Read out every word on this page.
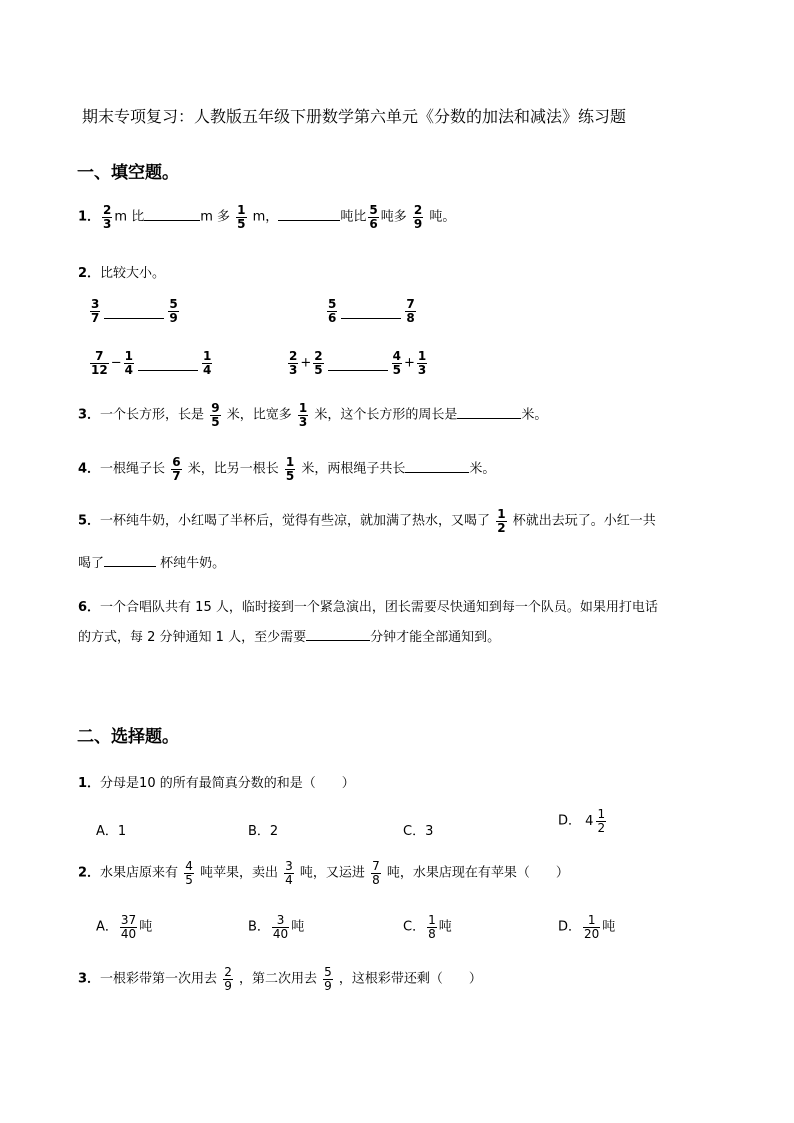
期末专项复习：人教版五年级下册数学第六单元《分数的加法和减法》练习题
一、填空题。
1． $\frac{2}{3}$ m 比	m 多 $\frac{1}{5}$ m，	吨比 $\frac{5}{6}$ 吨多 $\frac{2}{9}$ 吨。
2．比较大小。
$\frac{3}{7}$	$\frac{5}{9}$	$\frac{5}{6}$	$\frac{7}{8}$
$\frac{7}{12} - \frac{1}{4}$	$\frac{1}{4}$	$\frac{2}{3} + \frac{2}{5}$	$\frac{4}{5} + \frac{1}{3}$
3．一个长方形，长是 $\frac{9}{5}$ 米，比宽多 $\frac{1}{3}$ 米，这个长方形的周长是	米。
4．一根绳子长 $\frac{6}{7}$ 米，比另一根长 $\frac{1}{5}$ 米，两根绳子共长	米。
5．一杯纯牛奶，小红喝了半杯后，觉得有些凉，就加满了热水，又喝了 $\frac{1}{2}$ 杯就出去玩了。小红一共
喝了	杯纯牛奶。
6．一个合唱队共有 15 人，临时接到一个紧急演出，团长需要尽快通知到每一个队员。如果用打电话
的方式，每 2 分钟通知 1 人，至少需要	分钟才能全部通知到。
二、选择题。
1．分母是10 的所有最简真分数的和是（　　）
A．1	B．2	C．3
D． $4 \frac{1}{2}$
2．水果店原来有 $\frac{4}{5}$ 吨苹果，卖出 $\frac{3}{4}$ 吨，又运进 $\frac{7}{8}$ 吨，水果店现在有苹果（　　）
A． $\frac{37}{40}$ 吨	B． $\frac{3}{40}$ 吨	C． $\frac{1}{8}$ 吨	D． $\frac{1}{20}$ 吨
3．一根彩带第一次用去 $\frac{2}{9}$ ，第二次用去 $\frac{5}{9}$ ，这根彩带还剩（　　）
